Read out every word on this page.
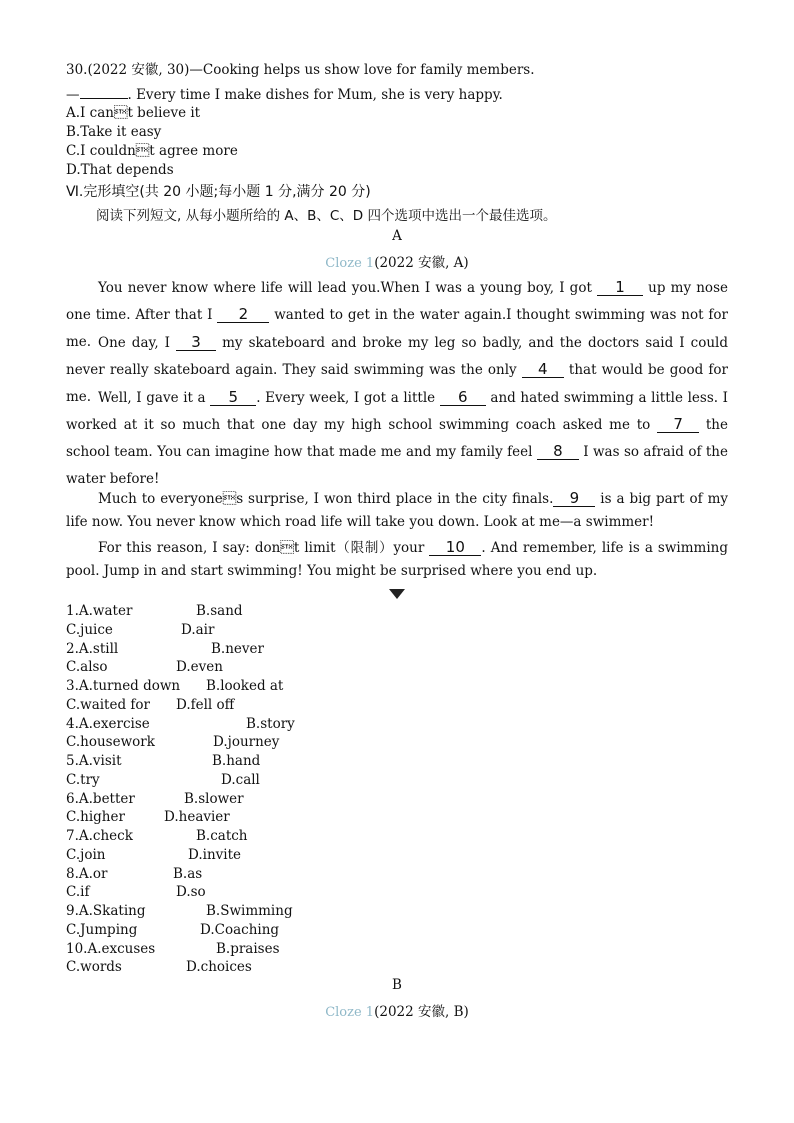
30.(2022 安徽, 30)—Cooking helps us show love for family members.
—	. Every time I make dishes for Mum, she is very happy.
A.I cant believe it
B.Take it easy
C.I couldnt agree more
D.That depends
Ⅵ.完形填空(共 20 小题;每小题 1 分,满分 20 分)
阅读下列短文, 从每小题所给的 A、B、C、D 四个选项中选出一个最佳选项。
A
Cloze 1(2022 安徽, A)
You never know where life will lead you.When I was a young boy, I got 1 up my nose one time. After that I 2 wanted to get in the water again.I thought swimming was not for me. One day, I 3 my skateboard and broke my leg so badly, and the doctors said I could never really skateboard again. They said swimming was the only 4 that would be good for me. Well, I gave it a 5 . Every week, I got a little 6 and hated swimming a little less. I worked at it so much that one day my high school swimming coach asked me to 7 the school team. You can imagine how that made me and my family feel 8 I was so afraid of the water before!
Much to everyones surprise, I won third place in the city finals. 9 is a big part of my life now. You never know which road life will take you down. Look at me—a swimmer!
For this reason, I say: dont limit（限制）your 10 . And remember, life is a swimming pool. Jump in and start swimming! You might be surprised where you end up.
1.A.water	B.sand
C.juice	D.air
2.A.still	B.never
C.also	D.even
3.A.turned down B.looked at
C.waited for D.fell off
4.A.exercise	B.story
C.housework	D.journey
5.A.visit	B.hand
C.try	D.call
6.A.better	B.slower
C.higher	D.heavier
7.A.check	B.catch
C.join	D.invite
8.A.or	B.as
C.if	D.so
9.A.Skating	B.Swimming
C.Jumping	D.Coaching
10.A.excuses	B.praises
C.words	D.choices
B
Cloze 1(2022 安徽, B)
